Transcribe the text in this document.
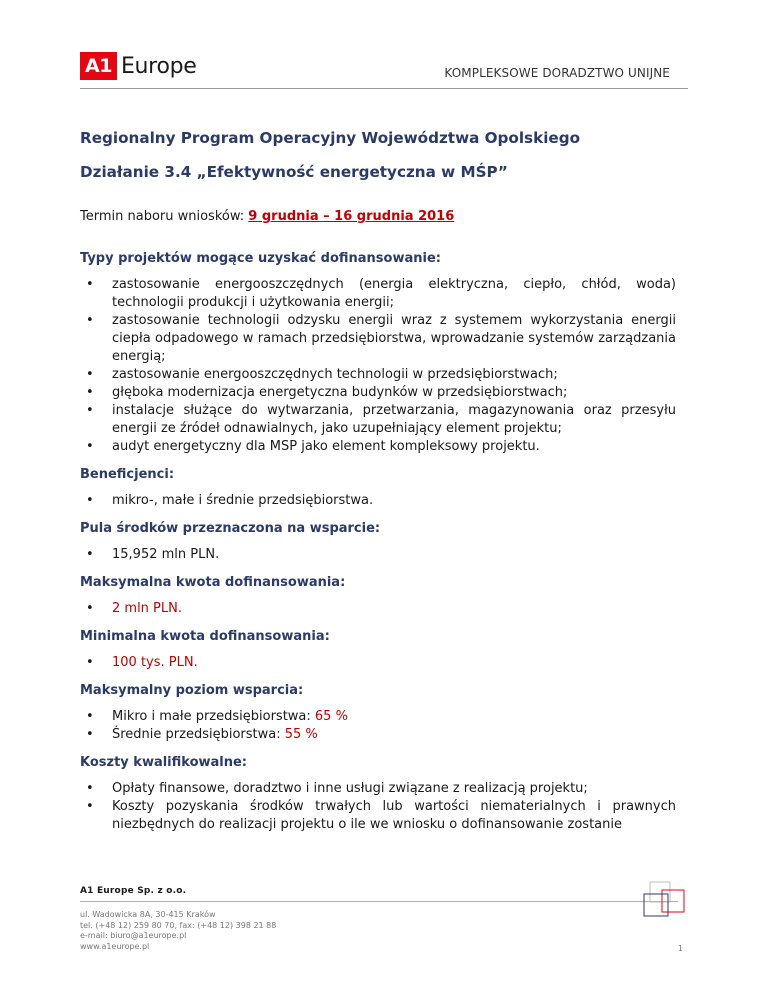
A1 Europe	KOMPLEKSOWE DORADZTWO UNIJNE

Regionalny Program Operacyjny Województwa Opolskiego

Działanie 3.4 „Efektywność energetyczna w MŚP”

Termin naboru wniosków: 9 grudnia – 16 grudnia 2016
Typy projektów mogące uzyskać dofinansowanie:
• zastosowanie energooszczędnych (energia elektryczna, ciepło, chłód, woda) technologii produkcji i użytkowania energii;
• zastosowanie technologii odzysku energii wraz z systemem wykorzystania energii ciepła odpadowego w ramach przedsiębiorstwa, wprowadzanie systemów zarządzania energią;
• zastosowanie energooszczędnych technologii w przedsiębiorstwach;
• głęboka modernizacja energetyczna budynków w przedsiębiorstwach;
• instalacje służące do wytwarzania, przetwarzania, magazynowania oraz przesyłu energii ze źródeł odnawialnych, jako uzupełniający element projektu;
• audyt energetyczny dla MSP jako element kompleksowy projektu.
Beneficjenci:
• mikro-, małe i średnie przedsiębiorstwa.
Pula środków przeznaczona na wsparcie:
• 15,952 mln PLN.
Maksymalna kwota dofinansowania:
• 2 mln PLN.
Minimalna kwota dofinansowania:
• 100 tys. PLN.
Maksymalny poziom wsparcia:
• Mikro i małe przedsiębiorstwa: 65 %
• Średnie przedsiębiorstwa: 55 %
Koszty kwalifikowalne:
• Opłaty finansowe, doradztwo i inne usługi związane z realizacją projektu;
• Koszty pozyskania środków trwałych lub wartości niematerialnych i prawnych niezbędnych do realizacji projektu o ile we wniosku o dofinansowanie zostanie
A1 Europe Sp. z o.o.
ul. Wadowicka 8A, 30-415 Kraków
tel. (+48 12) 259 80 70, fax: (+48 12) 398 21 88
e-mail: biuro@a1europe.pl
www.a1europe.pl	1
